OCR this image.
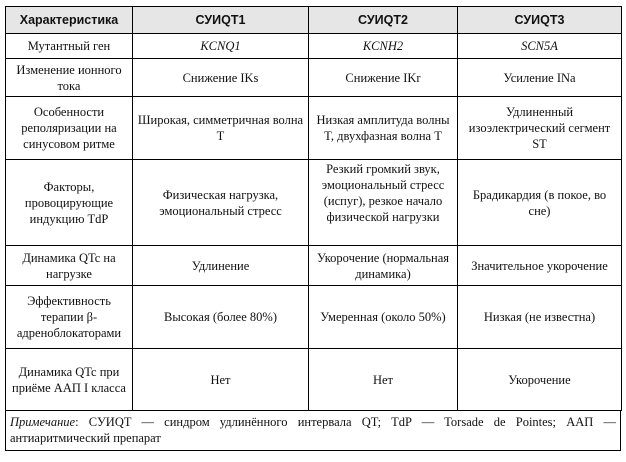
Характеристика	СУИQT1	СУИQT2	СУИQT3
Мутантный ген	KCNQ1	KCNH2	SCN5A
Изменение ионного тока	Снижение IKs	Снижение IKr	Усиление INa
Особенности реполяризации на синусовом ритме	Широкая, симметричная волна T	Низкая амплитуда волны T, двухфазная волна T	Удлиненный изоэлектрический сегмент ST
Факторы, провоцирующие индукцию TdP	Физическая нагрузка, эмоциональный стресс	Резкий громкий звук, эмоциональный стресс (испуг), резкое начало физической нагрузки	Брадикардия (в покое, во сне)
Динамика QTc на нагрузке	Удлинение	Укорочение (нормальная динамика)	Значительное укорочение
Эффективность терапии β-адреноблокаторами	Высокая (более 80%)	Умеренная (около 50%)	Низкая (не известна)
Динамика QTc при приёме ААП I класса	Нет	Нет	Укорочение
Примечание: СУИQT — синдром удлинённого интервала QT; TdP — Torsade de Pointes; ААП — антиаритмический препарат
